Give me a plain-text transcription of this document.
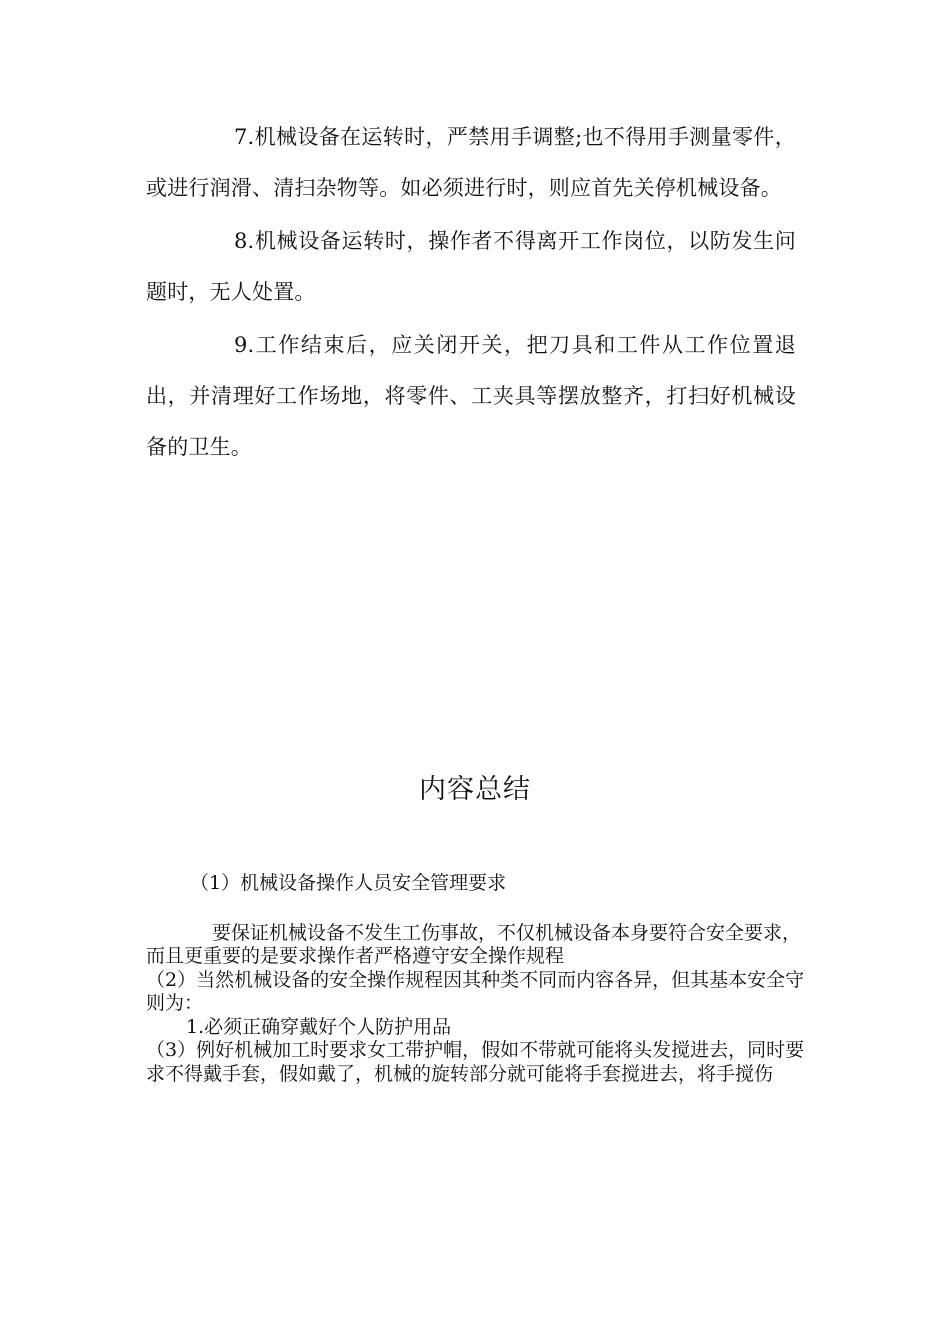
7.机械设备在运转时，严禁用手调整;也不得用手测量零件，或进行润滑、清扫杂物等。如必须进行时，则应首先关停机械设备。

8.机械设备运转时，操作者不得离开工作岗位，以防发生问题时，无人处置。

9.工作结束后，应关闭开关，把刀具和工件从工作位置退出，并清理好工作场地，将零件、工夹具等摆放整齐，打扫好机械设备的卫生。

内容总结

（1）机械设备操作人员安全管理要求

要保证机械设备不发生工伤事故，不仅机械设备本身要符合安全要求，而且更重要的是要求操作者严格遵守安全操作规程

（2）当然机械设备的安全操作规程因其种类不同而内容各异，但其基本安全守则为：

1.必须正确穿戴好个人防护用品

（3）例好机械加工时要求女工带护帽，假如不带就可能将头发搅进去，同时要求不得戴手套，假如戴了，机械的旋转部分就可能将手套搅进去，将手搅伤
